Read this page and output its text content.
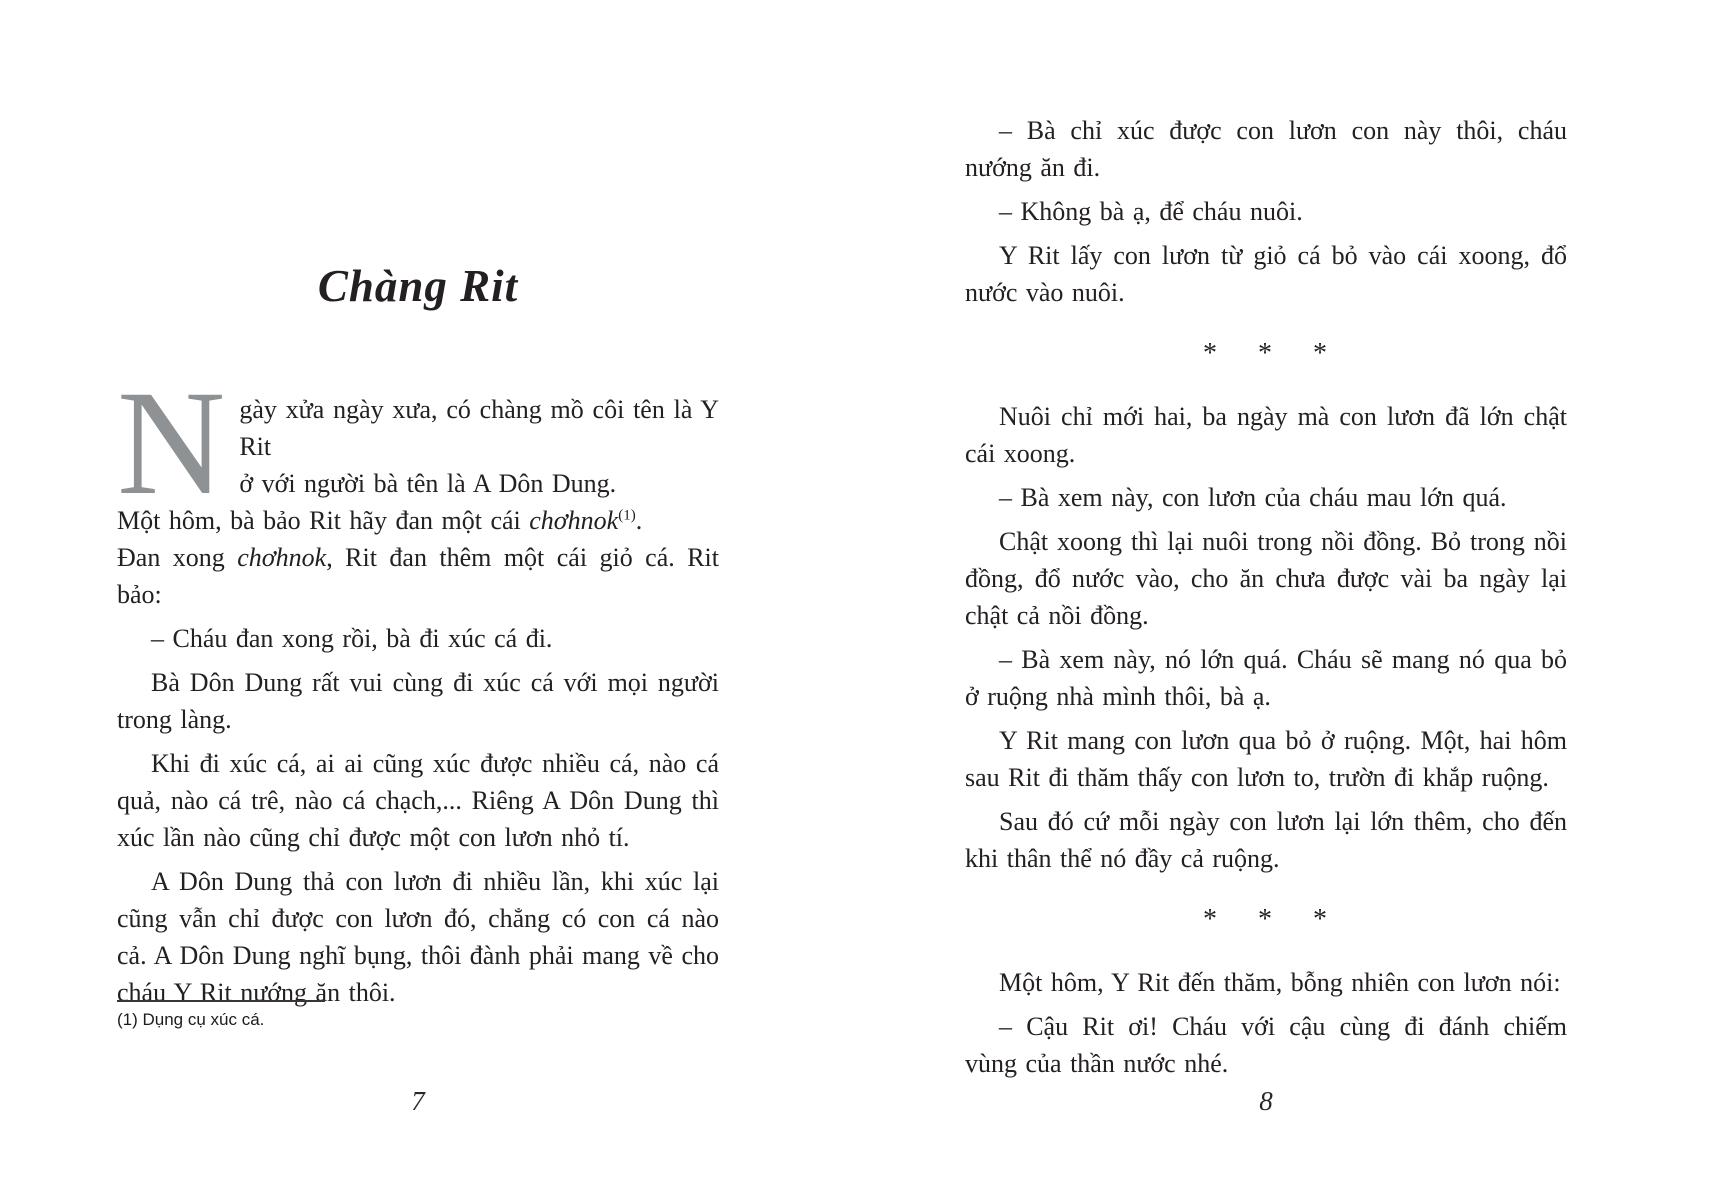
Chàng Rit

N gày xửa ngày xưa, có chàng mồ côi tên là Y Rit
ở với người bà tên là A Dôn Dung.
Một hôm, bà bảo Rit hãy đan một cái chơhnok$^{(1)}$.
Đan xong chơhnok, Rit đan thêm một cái giỏ cá. Rit bảo:

– Cháu đan xong rồi, bà đi xúc cá đi.

Bà Dôn Dung rất vui cùng đi xúc cá với mọi người trong làng.

Khi đi xúc cá, ai ai cũng xúc được nhiều cá, nào cá quả, nào cá trê, nào cá chạch,... Riêng A Dôn Dung thì xúc lần nào cũng chỉ được một con lươn nhỏ tí.

A Dôn Dung thả con lươn đi nhiều lần, khi xúc lại cũng vẫn chỉ được con lươn đó, chẳng có con cá nào cả. A Dôn Dung nghĩ bụng, thôi đành phải mang về cho cháu Y Rit nướng ăn thôi.

(1) Dụng cụ xúc cá.
7

– Bà chỉ xúc được con lươn con này thôi, cháu nướng ăn đi.

– Không bà ạ, để cháu nuôi.

Y Rit lấy con lươn từ giỏ cá bỏ vào cái xoong, đổ nước vào nuôi.

* * *

Nuôi chỉ mới hai, ba ngày mà con lươn đã lớn chật cái xoong.

– Bà xem này, con lươn của cháu mau lớn quá.

Chật xoong thì lại nuôi trong nồi đồng. Bỏ trong nồi đồng, đổ nước vào, cho ăn chưa được vài ba ngày lại chật cả nồi đồng.

– Bà xem này, nó lớn quá. Cháu sẽ mang nó qua bỏ ở ruộng nhà mình thôi, bà ạ.

Y Rit mang con lươn qua bỏ ở ruộng. Một, hai hôm sau Rit đi thăm thấy con lươn to, trườn đi khắp ruộng.

Sau đó cứ mỗi ngày con lươn lại lớn thêm, cho đến khi thân thể nó đầy cả ruộng.

* * *

Một hôm, Y Rit đến thăm, bỗng nhiên con lươn nói:

– Cậu Rit ơi! Cháu với cậu cùng đi đánh chiếm vùng của thần nước nhé.

8
